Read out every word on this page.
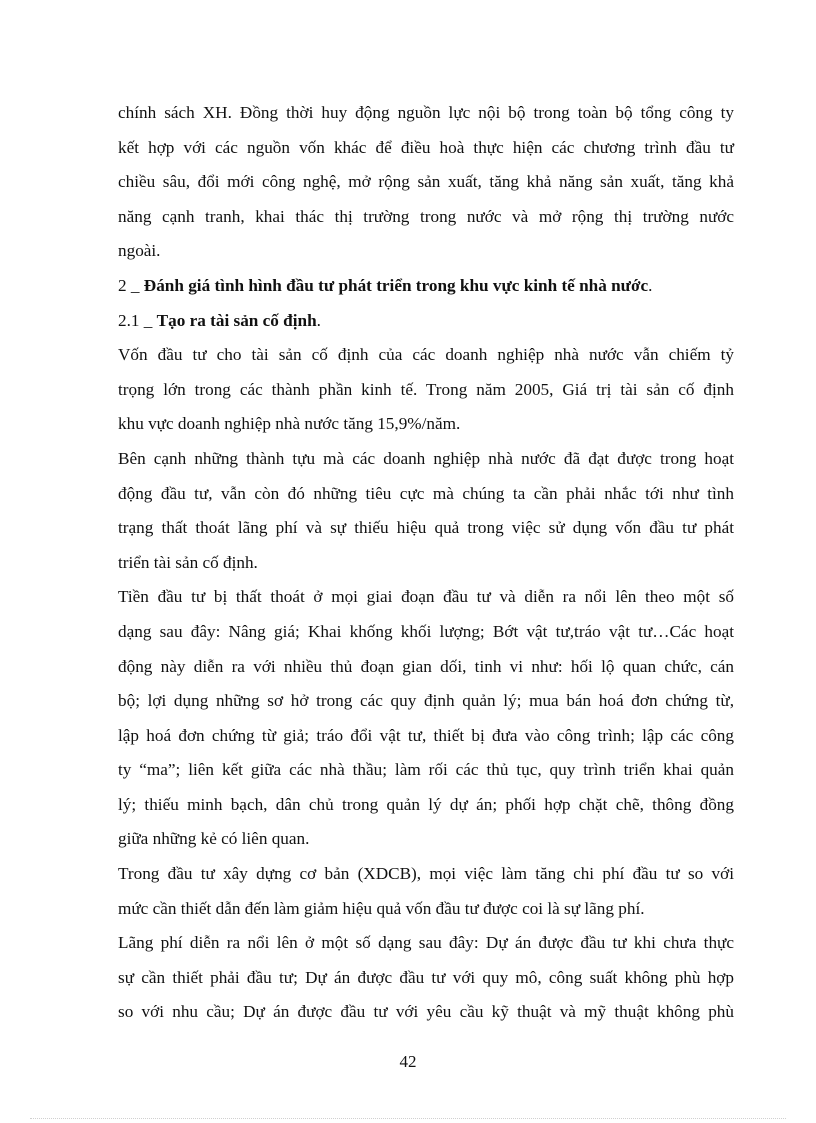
chính sách XH. Đồng thời huy động nguồn lực nội bộ trong toàn bộ tổng công ty
kết hợp với các nguồn vốn khác để điều hoà thực hiện các chương trình đầu tư
chiều sâu, đổi mới công nghệ, mở rộng sản xuất, tăng khả năng sản xuất, tăng khả
năng cạnh tranh, khai thác thị trường trong nước và mở rộng thị trường nước
ngoài.
2 _ Đánh giá tình hình đầu tư phát triển trong khu vực kinh tế nhà nước.
2.1 _ Tạo ra tài sản cố định.
Vốn đầu tư cho tài sản cố định của các doanh nghiệp nhà nước vẫn chiếm tỷ
trọng lớn trong các thành phần kinh tế. Trong năm 2005, Giá trị tài sản cố định
khu vực doanh nghiệp nhà nước tăng 15,9%/năm.
Bên cạnh những thành tựu mà các doanh nghiệp nhà nước đã đạt được trong hoạt
động đầu tư, vẫn còn đó những tiêu cực mà chúng ta cần phải nhắc tới như tình
trạng thất thoát lãng phí và sự thiếu hiệu quả trong việc sử dụng vốn đầu tư phát
triển tài sản cố định.
Tiền đầu tư bị thất thoát ở mọi giai đoạn đầu tư và diễn ra nổi lên theo một số
dạng sau đây: Nâng giá; Khai khống khối lượng; Bớt vật tư,tráo vật tư…Các hoạt
động này diễn ra với nhiều thủ đoạn gian dối, tinh vi như: hối lộ quan chức, cán
bộ; lợi dụng những sơ hở trong các quy định quản lý; mua bán hoá đơn chứng từ,
lập hoá đơn chứng từ giả; tráo đổi vật tư, thiết bị đưa vào công trình; lập các công
ty “ma”; liên kết giữa các nhà thầu; làm rối các thủ tục, quy trình triển khai quản
lý; thiếu minh bạch, dân chủ trong quản lý dự án; phối hợp chặt chẽ, thông đồng
giữa những kẻ có liên quan.
Trong đầu tư xây dựng cơ bản (XDCB), mọi việc làm tăng chi phí đầu tư so với
mức cần thiết dẫn đến làm giảm hiệu quả vốn đầu tư được coi là sự lãng phí.
Lãng phí diễn ra nổi lên ở một số dạng sau đây: Dự án được đầu tư khi chưa thực
sự cần thiết phải đầu tư; Dự án được đầu tư với quy mô, công suất không phù hợp
so với nhu cầu; Dự án được đầu tư với yêu cầu kỹ thuật và mỹ thuật không phù
42
